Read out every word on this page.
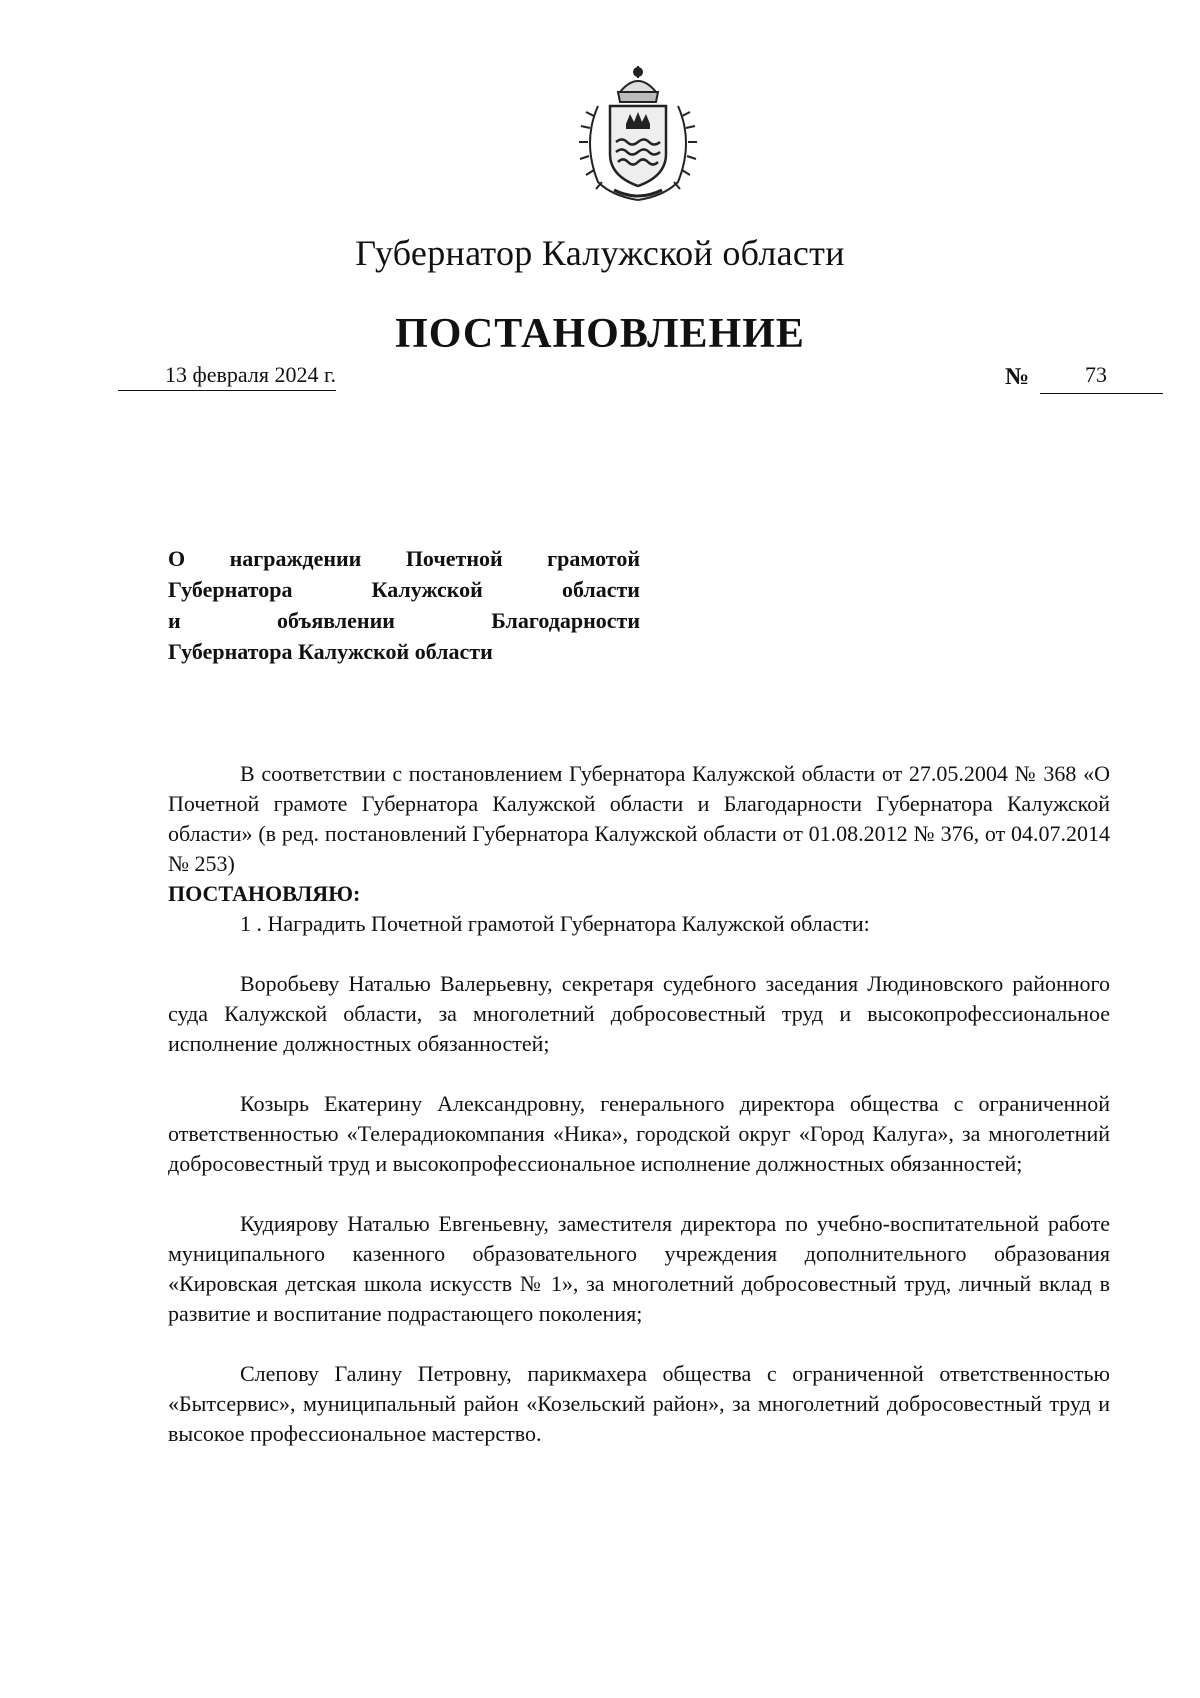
Губернатор Калужской области
ПОСТАНОВЛЕНИЕ
13 февраля 2024 г.	№	73
О награждении Почетной грамотой
Губернатора Калужской области
и объявлении Благодарности
Губернатора Калужской области

В соответствии с постановлением Губернатора Калужской области от 27.05.2004 № 368 «О Почетной грамоте Губернатора Калужской области и Благодарности Губернатора Калужской области» (в ред. постановлений Губернатора Калужской области от 01.08.2012 № 376, от 04.07.2014 № 253)

ПОСТАНОВЛЯЮ:

1 . Наградить Почетной грамотой Губернатора Калужской области:

Воробьеву Наталью Валерьевну, секретаря судебного заседания Людиновского районного суда Калужской области, за многолетний добросовестный труд и высокопрофессиональное исполнение должностных обязанностей;

Козырь Екатерину Александровну, генерального директора общества с ограниченной ответственностью «Телерадиокомпания «Ника», городской округ «Город Калуга», за многолетний добросовестный труд и высокопрофессиональное исполнение должностных обязанностей;

Кудиярову Наталью Евгеньевну, заместителя директора по учебно-воспитательной работе муниципального казенного образовательного учреждения дополнительного образования «Кировская детская школа искусств № 1», за многолетний добросовестный труд, личный вклад в развитие и воспитание подрастающего поколения;

Слепову Галину Петровну, парикмахера общества с ограниченной ответственностью «Бытсервис», муниципальный район «Козельский район», за многолетний добросовестный труд и высокое профессиональное мастерство.
